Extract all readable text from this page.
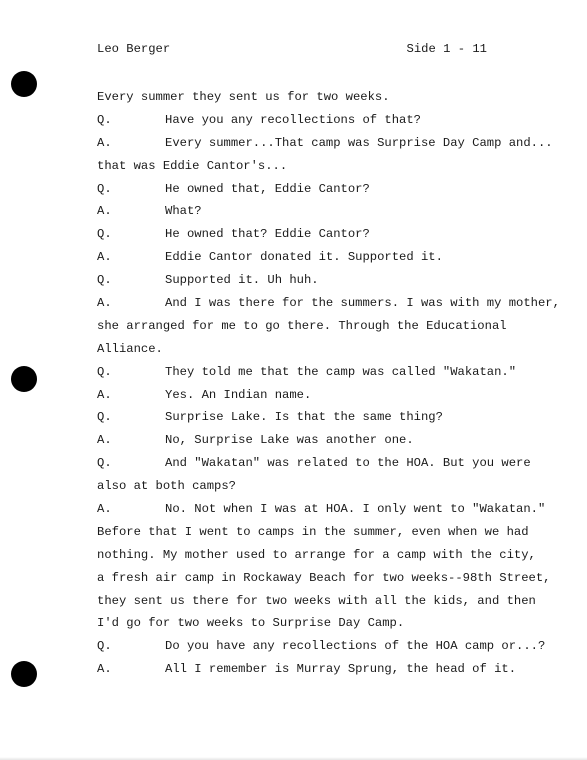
Leo Berger	Side 1 - 11
Every summer they sent us for two weeks.
Q.	Have you any recollections of that?
A.	Every summer...That camp was Surprise Day Camp and...
that was Eddie Cantor's...
Q.	He owned that, Eddie Cantor?
A.	What?
Q.	He owned that? Eddie Cantor?
A.	Eddie Cantor donated it. Supported it.
Q.	Supported it. Uh huh.
A.	And I was there for the summers. I was with my mother,
she arranged for me to go there. Through the Educational
Alliance.
Q.	They told me that the camp was called "Wakatan."
A.	Yes. An Indian name.
Q.	Surprise Lake. Is that the same thing?
A.	No, Surprise Lake was another one.
Q.	And "Wakatan" was related to the HOA. But you were
also at both camps?
A.	No. Not when I was at HOA. I only went to "Wakatan."
Before that I went to camps in the summer, even when we had
nothing. My mother used to arrange for a camp with the city,
a fresh air camp in Rockaway Beach for two weeks--98th Street,
they sent us there for two weeks with all the kids, and then
I'd go for two weeks to Surprise Day Camp.
Q.	Do you have any recollections of the HOA camp or...?
A.	All I remember is Murray Sprung, the head of it.
